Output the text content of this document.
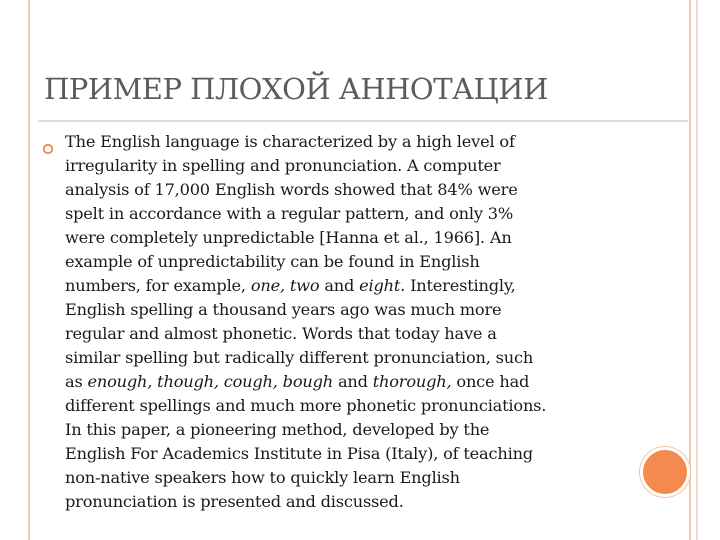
ПРИМЕР ПЛОХОЙ АННОТАЦИИ
The English language is characterized by a high level of
irregularity in spelling and pronunciation. A computer
analysis of 17,000 English words showed that 84% were
spelt in accordance with a regular pattern, and only 3%
were completely unpredictable [Hanna et al., 1966]. An
example of unpredictability can be found in English
numbers, for example, one, two and eight. Interestingly,
English spelling a thousand years ago was much more
regular and almost phonetic. Words that today have a
similar spelling but radically different pronunciation, such
as enough, though, cough, bough and thorough, once had
different spellings and much more phonetic pronunciations.
In this paper, a pioneering method, developed by the
English For Academics Institute in Pisa (Italy), of teaching
non-native speakers how to quickly learn English
pronunciation is presented and discussed.
